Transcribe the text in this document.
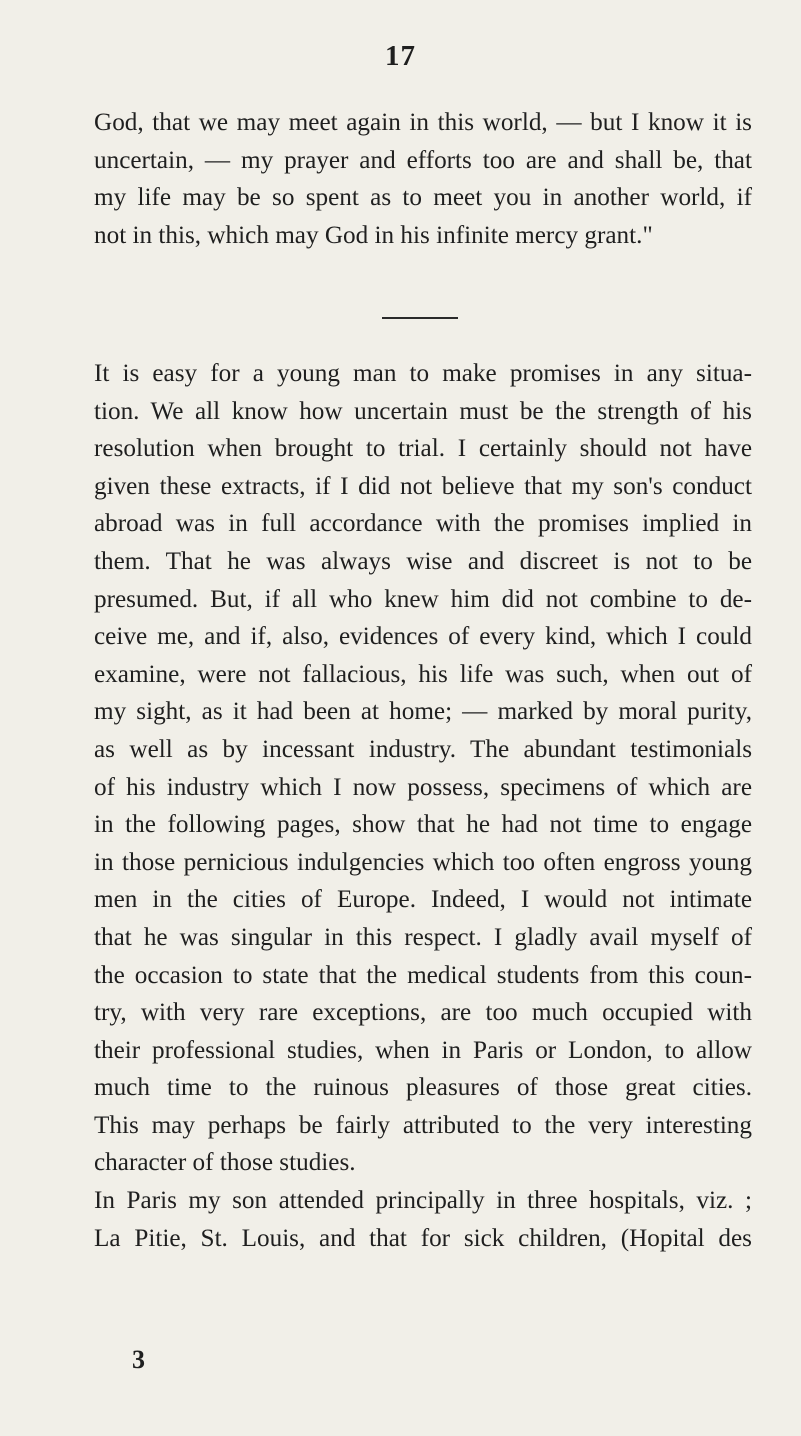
17
God, that we may meet again in this world, — but I know it is
uncertain, — my prayer and efforts too are and shall be, that
my life may be so spent as to meet you in another world, if
not in this, which may God in his infinite mercy grant."
It is easy for a young man to make promises in any situa-
tion. We all know how uncertain must be the strength of his
resolution when brought to trial. I certainly should not have
given these extracts, if I did not believe that my son's conduct
abroad was in full accordance with the promises implied in
them. That he was always wise and discreet is not to be
presumed. But, if all who knew him did not combine to de-
ceive me, and if, also, evidences of every kind, which I could
examine, were not fallacious, his life was such, when out of
my sight, as it had been at home; — marked by moral purity,
as well as by incessant industry. The abundant testimonials
of his industry which I now possess, specimens of which are
in the following pages, show that he had not time to engage
in those pernicious indulgencies which too often engross young
men in the cities of Europe. Indeed, I would not intimate
that he was singular in this respect. I gladly avail myself of
the occasion to state that the medical students from this coun-
try, with very rare exceptions, are too much occupied with
their professional studies, when in Paris or London, to allow
much time to the ruinous pleasures of those great cities.
This may perhaps be fairly attributed to the very interesting
character of those studies.
In Paris my son attended principally in three hospitals, viz. ;
La Pitie, St. Louis, and that for sick children, (Hopital des
3
